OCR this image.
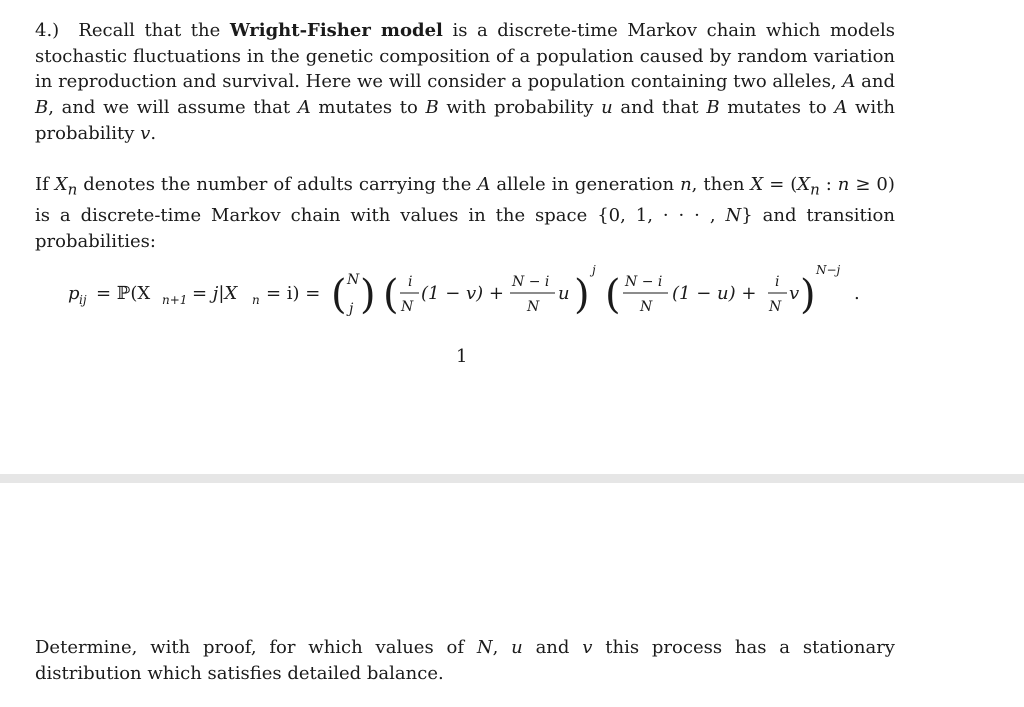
4.) Recall that the Wright-Fisher model is a discrete-time Markov chain which models stochastic fluctuations in the genetic composition of a population caused by random variation in reproduction and survival. Here we will consider a population containing two alleles, A and B, and we will assume that A mutates to B with probability u and that B mutates to A with probability v.
If $X_n$ denotes the number of adults carrying the A allele in generation n, then $X = (X_n$ : n ≥ 0) is a discrete-time Markov chain with values in the space {0, 1, · · · , N} and transition probabilities:
p ij = ℙ(X n+1 = j|X n = i) = ( N
j ) ( i
N
(1 − v) +
N − i
N
u )
j
( N − i
N
(1 − u) +
i
N
v )
N−j
.
1
Determine, with proof, for which values of N, u and v this process has a stationary distribution which satisfies detailed balance.
